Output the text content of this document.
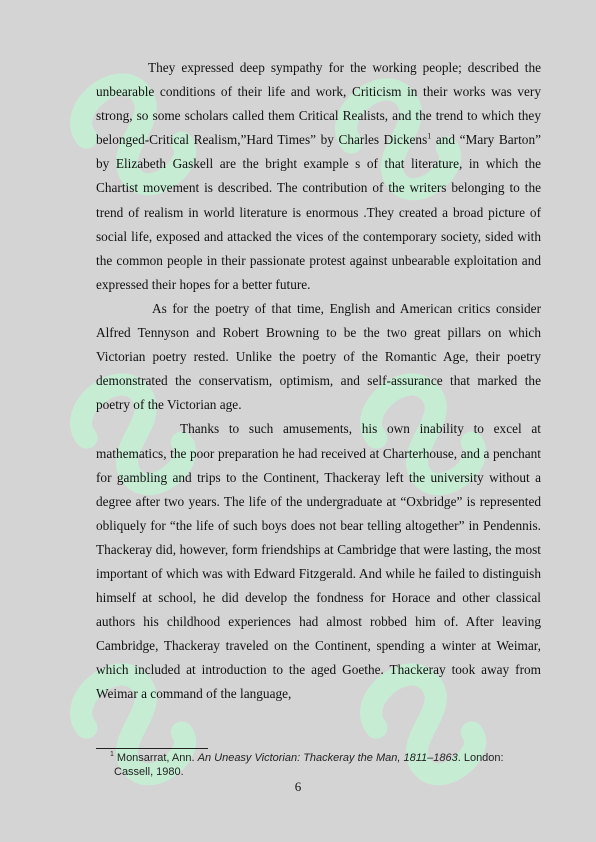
They expressed deep sympathy for the working people; described the unbearable conditions of their life and work, Criticism in their works was very strong, so some scholars called them Critical Realists, and the trend to which they belonged-Critical Realism,”Hard Times” by Charles Dickens$^1$ and “Mary Barton” by Elizabeth Gaskell are the bright example s of that literature, in which the Chartist movement is described. The contribution of the writers belonging to the trend of realism in world literature is enormous .They created a broad picture of social life, exposed and attacked the vices of the contemporary society, sided with the common people in their passionate protest against unbearable exploitation and expressed their hopes for a better future.

As for the poetry of that time, English and American critics consider Alfred Tennyson and Robert Browning to be the two great pillars on which Victorian poetry rested. Unlike the poetry of the Romantic Age, their poetry demonstrated the conservatism, optimism, and self-assurance that marked the poetry of the Victorian age.

Thanks to such amusements, his own inability to excel at mathematics, the poor preparation he had received at Charterhouse, and a penchant for gambling and trips to the Continent, Thackeray left the university without a degree after two years. The life of the undergraduate at “Oxbridge” is represented obliquely for “the life of such boys does not bear telling altogether” in Pendennis. Thackeray did, however, form friendships at Cambridge that were lasting, the most important of which was with Edward Fitzgerald. And while he failed to distinguish himself at school, he did develop the fondness for Horace and other classical authors his childhood experiences had almost robbed him of. After leaving Cambridge, Thackeray traveled on the Continent, spending a winter at Weimar, which included at introduction to the aged Goethe. Thackeray took away from Weimar a command of the language,

$^1$ Monsarrat, Ann. An Uneasy Victorian: Thackeray the Man, 1811–1863. London: Cassell, 1980.
6
